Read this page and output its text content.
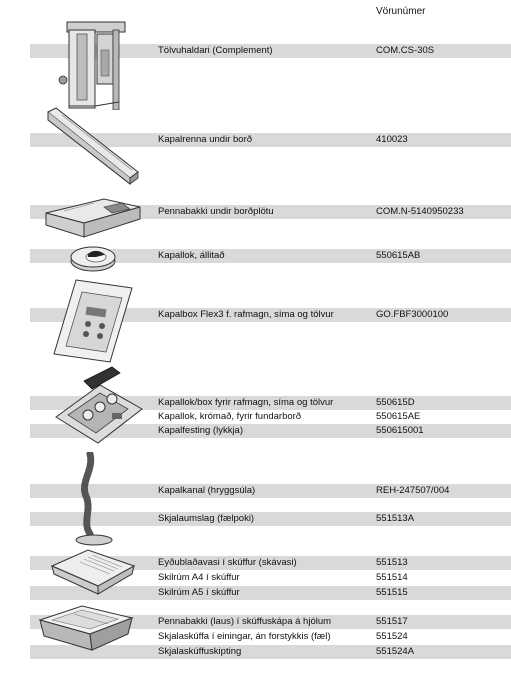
Vörunúmer
Tölvuhaldari (Complement)	COM.CS-30S
Kapalrenna undir borð	410023
Pennabakki undir borðplötu	COM.N-5140950233
Kapallok, állitað	550615AB
Kapalbox Flex3 f. rafmagn, síma og tölvur	GO.FBF3000100
Kapallok/box fyrir rafmagn, síma og tölvur	550615D
Kapallok, krómað, fyrir fundarborð	550615AE
Kapalfesting (lykkja)	550615001
Kapalkanal (hryggsúla)	REH-247507/004
Skjalaumslag (fælpoki)	551513A
Eyðublaðavasi í skúffur (skávasi)	551513
Skilrúm A4 í skúffur	551514
Skilrúm A5 í skúffur	551515
Pennabakki (laus) í skúffuskápa á hjólum	551517
Skjalaskúffa í einingar, án forstykkis (fæl)	551524
Skjalaskúffuskipting	551524A
